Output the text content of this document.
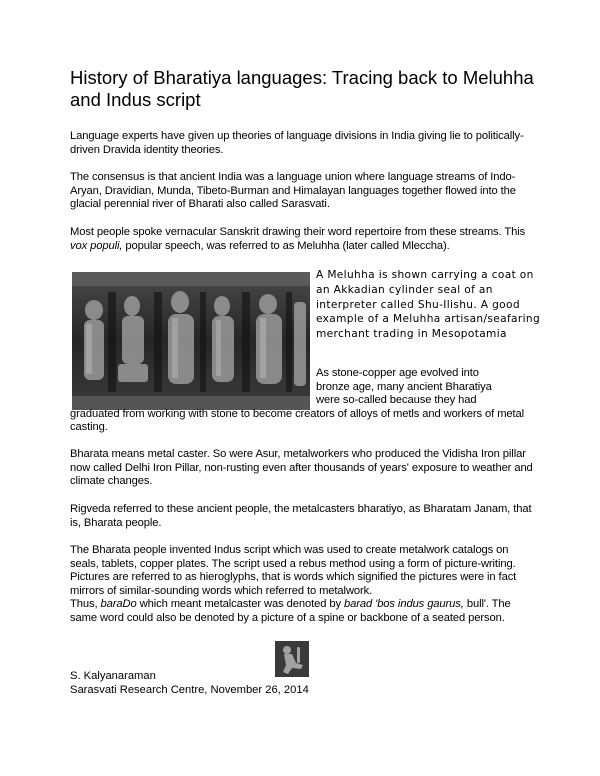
History of Bharatiya languages: Tracing back to Meluhha and Indus script

Language experts have given up theories of language divisions in India giving lie to politically-driven Dravida identity theories.

The consensus is that ancient India was a language union where language streams of Indo-Aryan, Dravidian, Munda, Tibeto-Burman and Himalayan languages together flowed into the glacial perennial river of Bharati also called Sarasvati.

Most people spoke vernacular Sanskrit drawing their word repertoire from these streams. This vox populi, popular speech, was referred to as Meluhha (later called Mleccha).

A Meluhha is shown carrying a coat on an Akkadian cylinder seal of an interpreter called Shu-Ilishu. A good example of a Meluhha artisan/seafaring merchant trading in Mesopotamia

As stone-copper age evolved into

bronze age, many ancient Bharatiya

were so-called because they had

graduated from working with stone to become creators of alloys of metls and workers of metal casting.

Bharata means metal caster. So were Asur, metalworkers who produced the Vidisha Iron pillar now called Delhi Iron Pillar, non-rusting even after thousands of years' exposure to weather and climate changes.

Rigveda referred to these ancient people, the metalcasters bharatiyo, as Bharatam Janam, that is, Bharata people.

The Bharata people invented Indus script which was used to create metalwork catalogs on seals, tablets, copper plates. The script used a rebus method using a form of picture-writing. Pictures are referred to as hieroglyphs, that is words which signified the pictures were in fact mirrors of similar-sounding words which referred to metalwork.

Thus, baraDo which meant metalcaster was denoted by barad 'bos indus gaurus, bull'. The same word could also be denoted by a picture of a spine or backbone of a seated person.

S. Kalyanaraman
Sarasvati Research Centre, November 26, 2014
